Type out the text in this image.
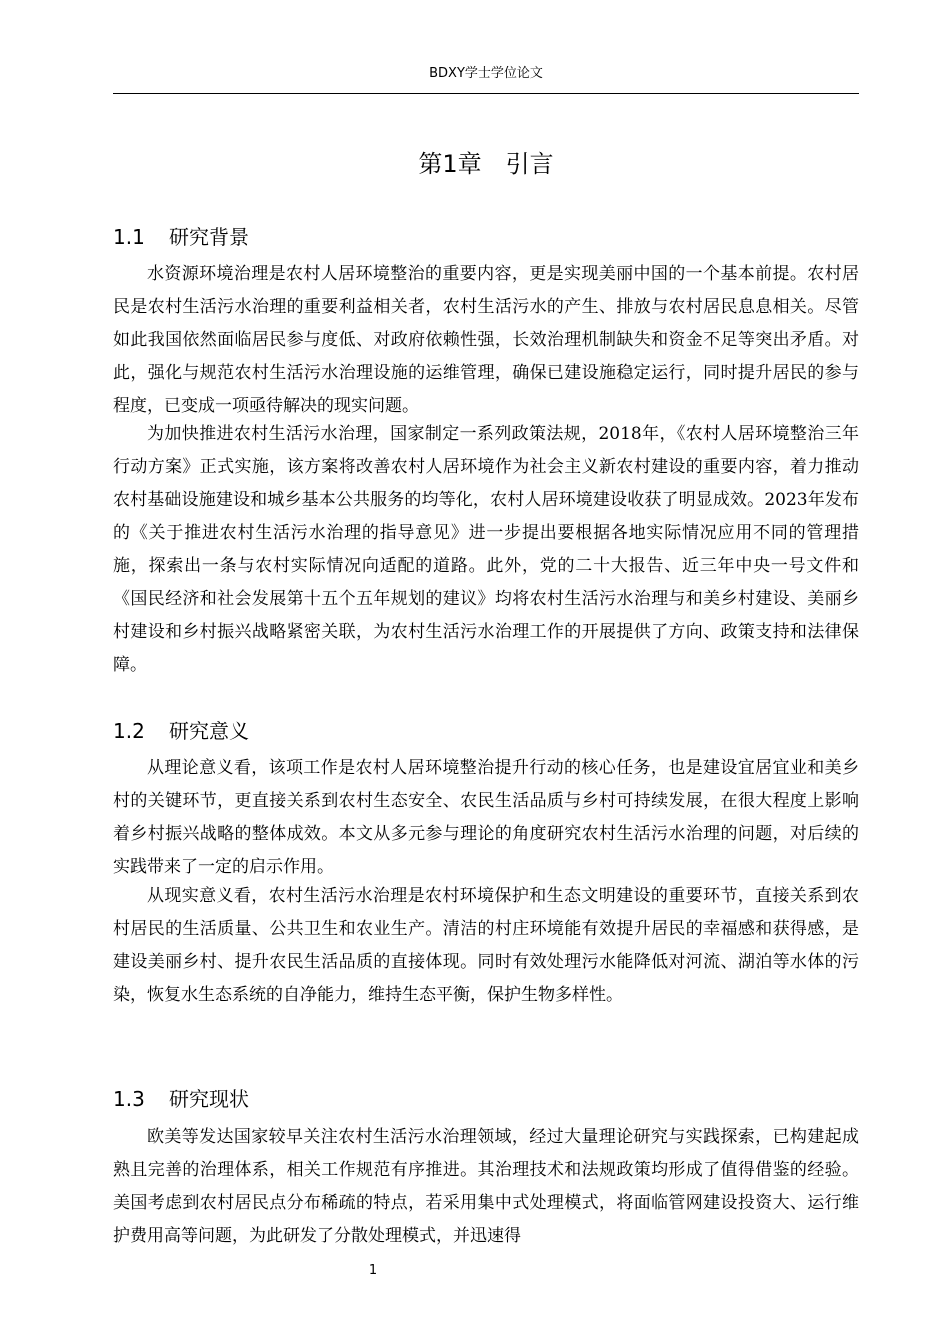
BDXY学士学位论文
第1章 引言
1.1 研究背景

水资源环境治理是农村人居环境整治的重要内容，更是实现美丽中国的一个基本前提。农村居民是农村生活污水治理的重要利益相关者，农村生活污水的产生、排放与农村居民息息相关。尽管如此我国依然面临居民参与度低、对政府依赖性强，长效治理机制缺失和资金不足等突出矛盾。对此，强化与规范农村生活污水治理设施的运维管理，确保已建设施稳定运行，同时提升居民的参与程度，已变成一项亟待解决的现实问题。

为加快推进农村生活污水治理，国家制定一系列政策法规，2018年，《农村人居环境整治三年行动方案》正式实施，该方案将改善农村人居环境作为社会主义新农村建设的重要内容，着力推动农村基础设施建设和城乡基本公共服务的均等化，农村人居环境建设收获了明显成效。2023年发布的《关于推进农村生活污水治理的指导意见》进一步提出要根据各地实际情况应用不同的管理措施，探索出一条与农村实际情况向适配的道路。此外，党的二十大报告、近三年中央一号文件和《国民经济和社会发展第十五个五年规划的建议》均将农村生活污水治理与和美乡村建设、美丽乡村建设和乡村振兴战略紧密关联，为农村生活污水治理工作的开展提供了方向、政策支持和法律保障。

1.2 研究意义

从理论意义看，该项工作是农村人居环境整治提升行动的核心任务，也是建设宜居宜业和美乡村的关键环节，更直接关系到农村生态安全、农民生活品质与乡村可持续发展，在很大程度上影响着乡村振兴战略的整体成效。本文从多元参与理论的角度研究农村生活污水治理的问题，对后续的实践带来了一定的启示作用。

从现实意义看，农村生活污水治理是农村环境保护和生态文明建设的重要环节，直接关系到农村居民的生活质量、公共卫生和农业生产。清洁的村庄环境能有效提升居民的幸福感和获得感，是建设美丽乡村、提升农民生活品质的直接体现。同时有效处理污水能降低对河流、湖泊等水体的污染，恢复水生态系统的自净能力，维持生态平衡，保护生物多样性。

1.3 研究现状

欧美等发达国家较早关注农村生活污水治理领域，经过大量理论研究与实践探索，已构建起成熟且完善的治理体系，相关工作规范有序推进。其治理技术和法规政策均形成了值得借鉴的经验。美国考虑到农村居民点分布稀疏的特点，若采用集中式处理模式，将面临管网建设投资大、运行维护费用高等问题，为此研发了分散处理模式，并迅速得

1
